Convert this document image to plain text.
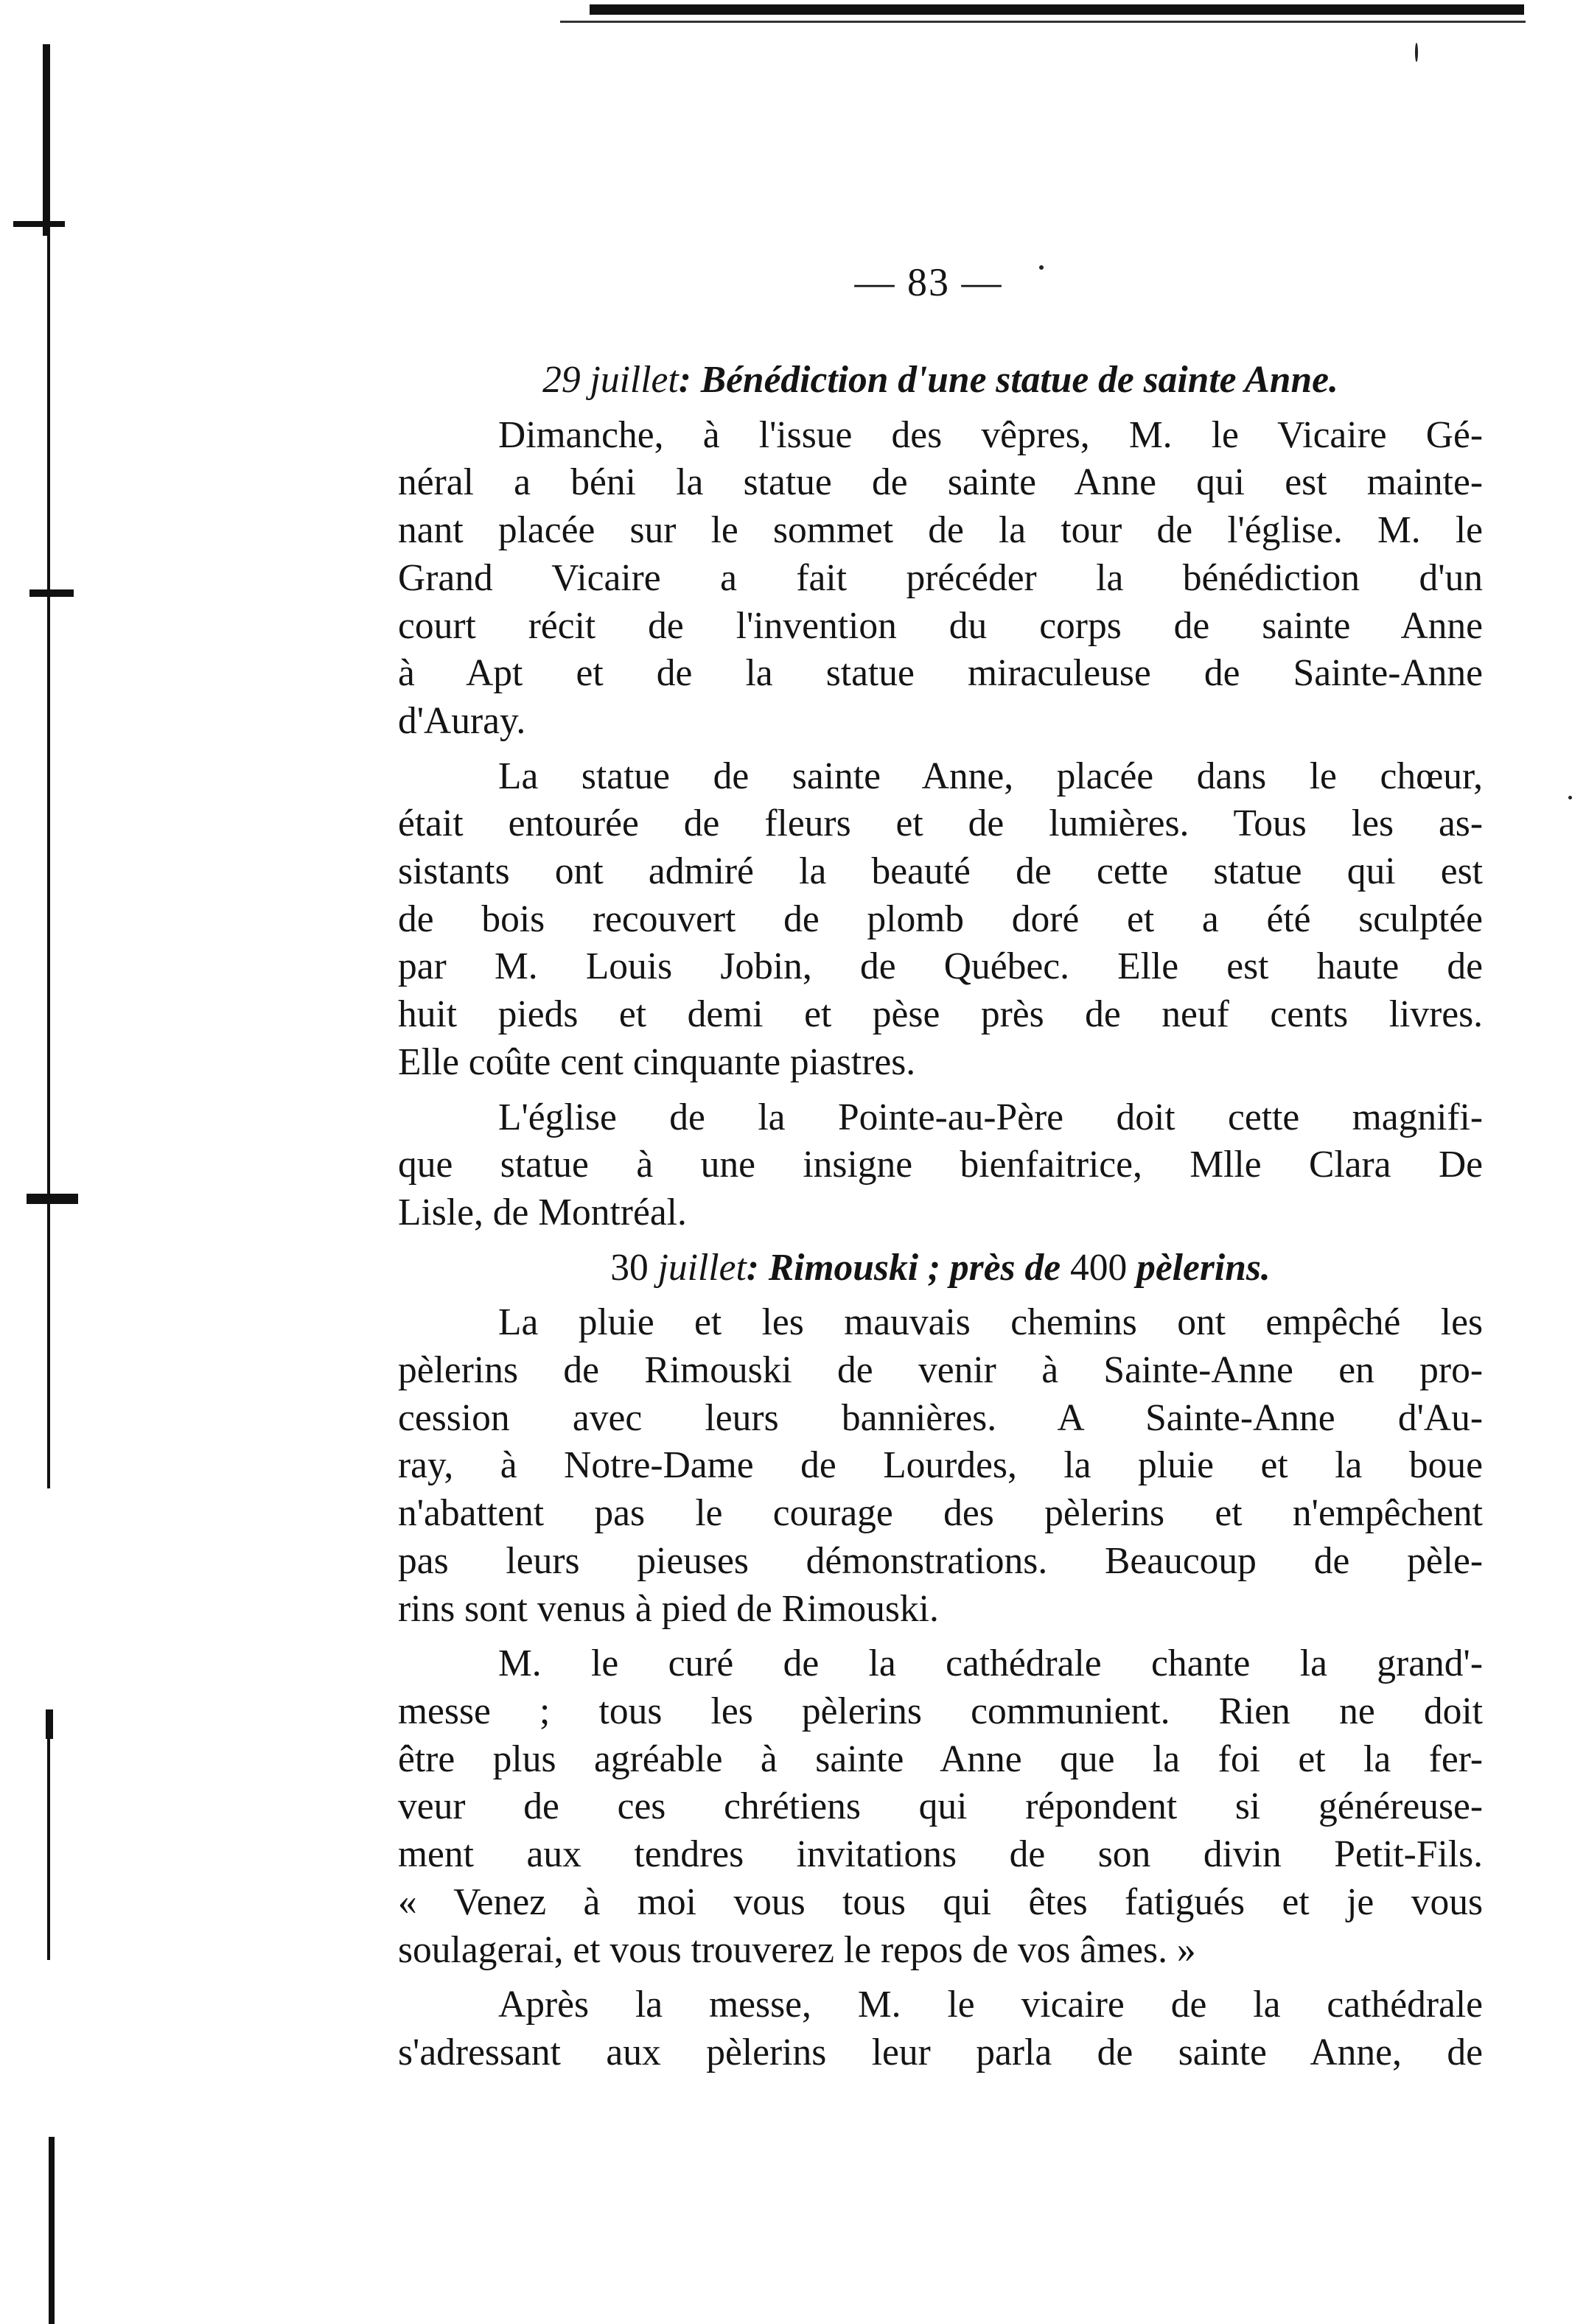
— 83 —
29 juillet: Bénédiction d'une statue de sainte Anne.
Dimanche, à l'issue des vêpres, M. le Vicaire Gé-
néral a béni la statue de sainte Anne qui est mainte-
nant placée sur le sommet de la tour de l'église. M. le
Grand Vicaire a fait précéder la bénédiction d'un
court récit de l'invention du corps de sainte Anne
à Apt et de la statue miraculeuse de Sainte-Anne
d'Auray.
La statue de sainte Anne, placée dans le chœur,
était entourée de fleurs et de lumières. Tous les as-
sistants ont admiré la beauté de cette statue qui est
de bois recouvert de plomb doré et a été sculptée
par M. Louis Jobin, de Québec. Elle est haute de
huit pieds et demi et pèse près de neuf cents livres.
Elle coûte cent cinquante piastres.
L'église de la Pointe-au-Père doit cette magnifi-
que statue à une insigne bienfaitrice, Mlle Clara De
Lisle, de Montréal.
30 juillet: Rimouski ; près de 400 pèlerins.
La pluie et les mauvais chemins ont empêché les
pèlerins de Rimouski de venir à Sainte-Anne en pro-
cession avec leurs bannières. A Sainte-Anne d'Au-
ray, à Notre-Dame de Lourdes, la pluie et la boue
n'abattent pas le courage des pèlerins et n'empêchent
pas leurs pieuses démonstrations. Beaucoup de pèle-
rins sont venus à pied de Rimouski.
M. le curé de la cathédrale chante la grand'-
messe ; tous les pèlerins communient. Rien ne doit
être plus agréable à sainte Anne que la foi et la fer-
veur de ces chrétiens qui répondent si généreuse-
ment aux tendres invitations de son divin Petit-Fils.
« Venez à moi vous tous qui êtes fatigués et je vous
soulagerai, et vous trouverez le repos de vos âmes. »
Après la messe, M. le vicaire de la cathédrale
s'adressant aux pèlerins leur parla de sainte Anne, de
